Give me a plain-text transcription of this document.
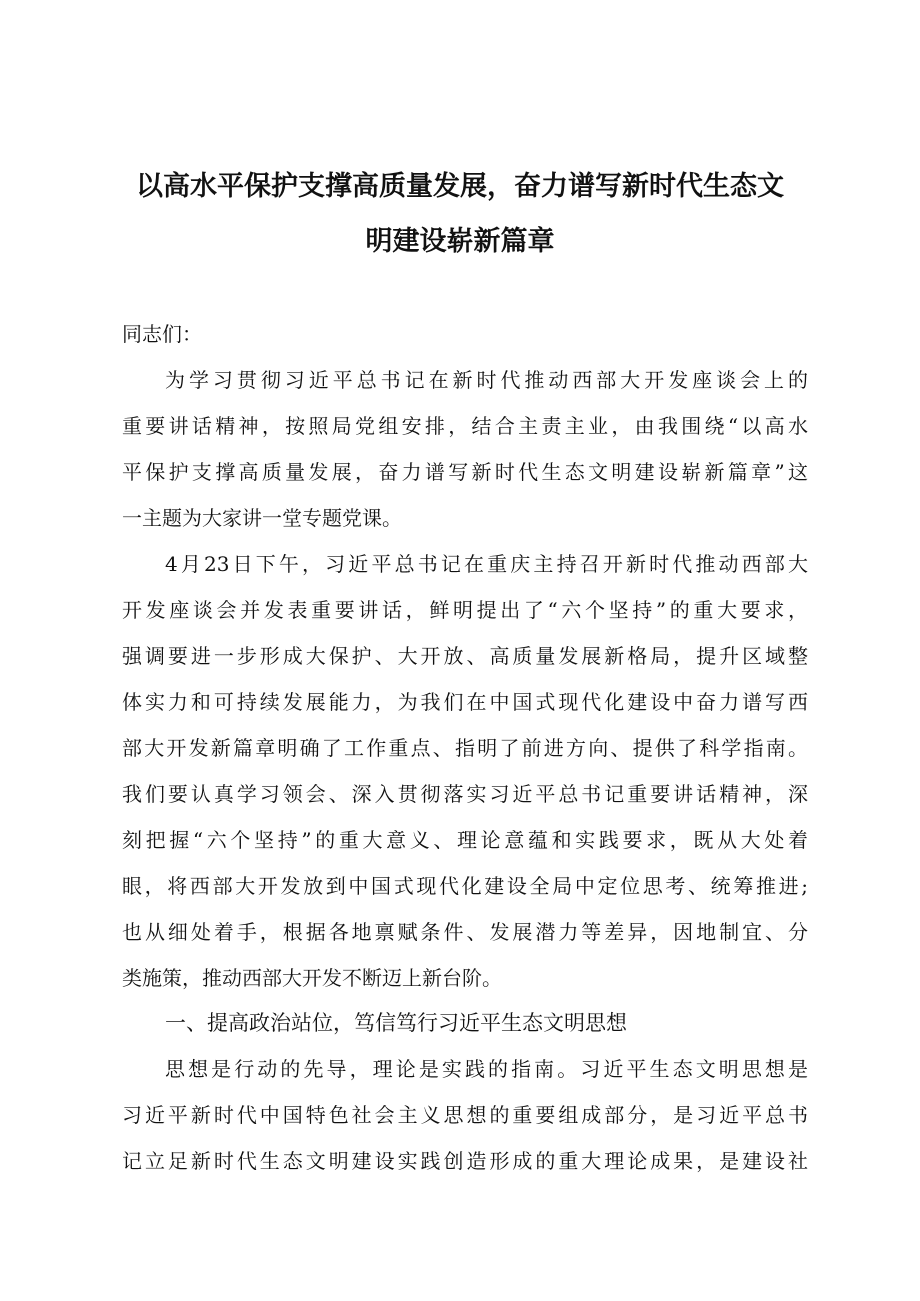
以高水平保护支撑高质量发展，奋力谱写新时代生态文
明建设崭新篇章
同志们：
为学习贯彻习近平总书记在新时代推动西部大开发座谈会上的
重要讲话精神，按照局党组安排，结合主责主业，由我围绕“以高水
平保护支撑高质量发展，奋力谱写新时代生态文明建设崭新篇章”这
一主题为大家讲一堂专题党课。
4月23日下午，习近平总书记在重庆主持召开新时代推动西部大
开发座谈会并发表重要讲话，鲜明提出了“六个坚持”的重大要求，
强调要进一步形成大保护、大开放、高质量发展新格局，提升区域整
体实力和可持续发展能力，为我们在中国式现代化建设中奋力谱写西
部大开发新篇章明确了工作重点、指明了前进方向、提供了科学指南。
我们要认真学习领会、深入贯彻落实习近平总书记重要讲话精神，深
刻把握“六个坚持”的重大意义、理论意蕴和实践要求，既从大处着
眼，将西部大开发放到中国式现代化建设全局中定位思考、统筹推进;
也从细处着手，根据各地禀赋条件、发展潜力等差异，因地制宜、分
类施策，推动西部大开发不断迈上新台阶。
一、提高政治站位，笃信笃行习近平生态文明思想
思想是行动的先导，理论是实践的指南。习近平生态文明思想是
习近平新时代中国特色社会主义思想的重要组成部分，是习近平总书
记立足新时代生态文明建设实践创造形成的重大理论成果，是建设社
